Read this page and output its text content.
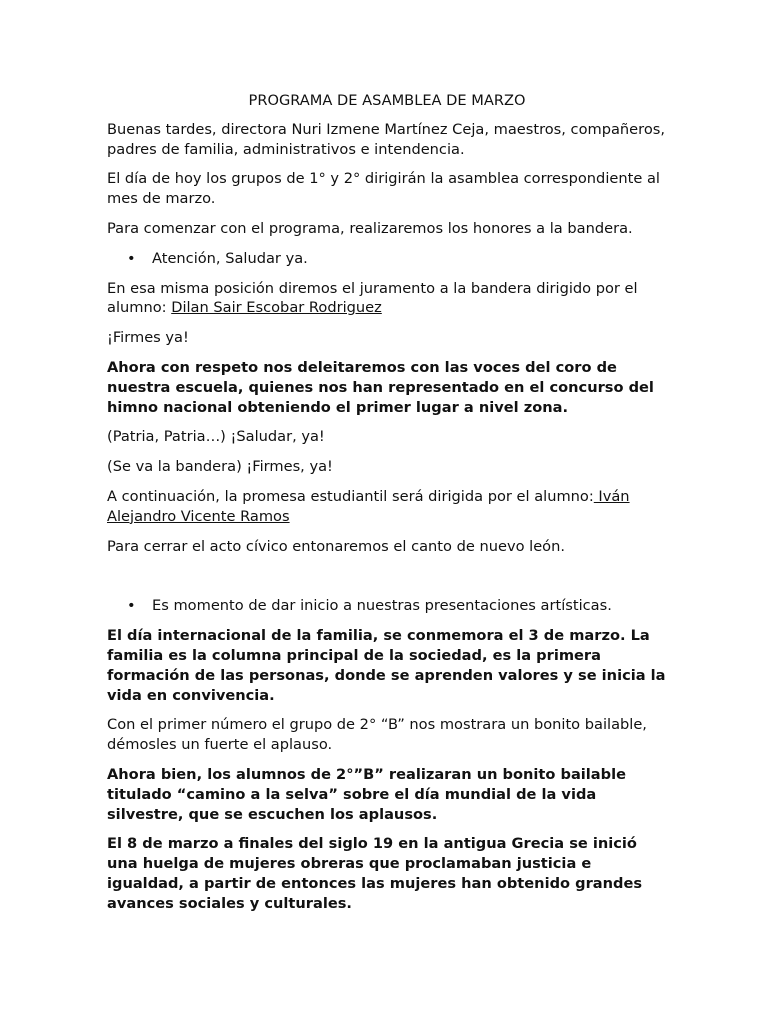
PROGRAMA DE ASAMBLEA DE MARZO

Buenas tardes, directora Nuri Izmene Martínez Ceja, maestros, compañeros, padres de familia, administrativos e intendencia.

El día de hoy los grupos de 1° y 2° dirigirán la asamblea correspondiente al mes de marzo.

Para comenzar con el programa, realizaremos los honores a la bandera.

• Atención, Saludar ya.

En esa misma posición diremos el juramento a la bandera dirigido por el alumno: Dilan Sair Escobar Rodriguez

¡Firmes ya!

Ahora con respeto nos deleitaremos con las voces del coro de nuestra escuela, quienes nos han representado en el concurso del himno nacional obteniendo el primer lugar a nivel zona.

(Patria, Patria…) ¡Saludar, ya!

(Se va la bandera) ¡Firmes, ya!

A continuación, la promesa estudiantil será dirigida por el alumno: Iván Alejandro Vicente Ramos

Para cerrar el acto cívico entonaremos el canto de nuevo león.

• Es momento de dar inicio a nuestras presentaciones artísticas.

El día internacional de la familia, se conmemora el 3 de marzo. La familia es la columna principal de la sociedad, es la primera formación de las personas, donde se aprenden valores y se inicia la vida en convivencia.

Con el primer número el grupo de 2° “B” nos mostrara un bonito bailable, démosles un fuerte el aplauso.

Ahora bien, los alumnos de 2°”B” realizaran un bonito bailable titulado “camino a la selva” sobre el día mundial de la vida silvestre, que se escuchen los aplausos.

El 8 de marzo a finales del siglo 19 en la antigua Grecia se inició una huelga de mujeres obreras que proclamaban justicia e igualdad, a partir de entonces las mujeres han obtenido grandes avances sociales y culturales.
